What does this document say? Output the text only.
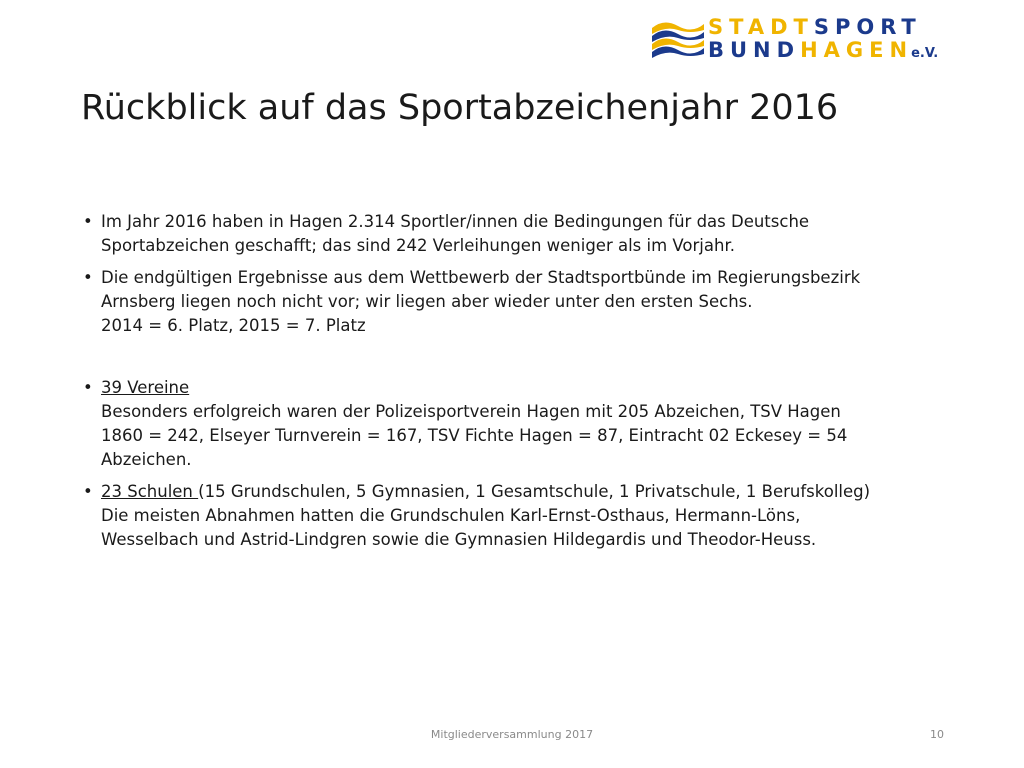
STADTSPORT
BUNDHAGENe.V.
Rückblick auf das Sportabzeichenjahr 2016
• Im Jahr 2016 haben in Hagen 2.314 Sportler/innen die Bedingungen für das Deutsche
Sportabzeichen geschafft; das sind 242 Verleihungen weniger als im Vorjahr.
• Die endgültigen Ergebnisse aus dem Wettbewerb der Stadtsportbünde im Regierungsbezirk
Arnsberg liegen noch nicht vor; wir liegen aber wieder unter den ersten Sechs.
2014 = 6. Platz, 2015 = 7. Platz
• 39 Vereine
Besonders erfolgreich waren der Polizeisportverein Hagen mit 205 Abzeichen, TSV Hagen
1860 = 242, Elseyer Turnverein = 167, TSV Fichte Hagen = 87, Eintracht 02 Eckesey = 54
Abzeichen.
• 23 Schulen (15 Grundschulen, 5 Gymnasien, 1 Gesamtschule, 1 Privatschule, 1 Berufskolleg)
Die meisten Abnahmen hatten die Grundschulen Karl-Ernst-Osthaus, Hermann-Löns,
Wesselbach und Astrid-Lindgren sowie die Gymnasien Hildegardis und Theodor-Heuss.
Mitgliederversammlung 2017	10
